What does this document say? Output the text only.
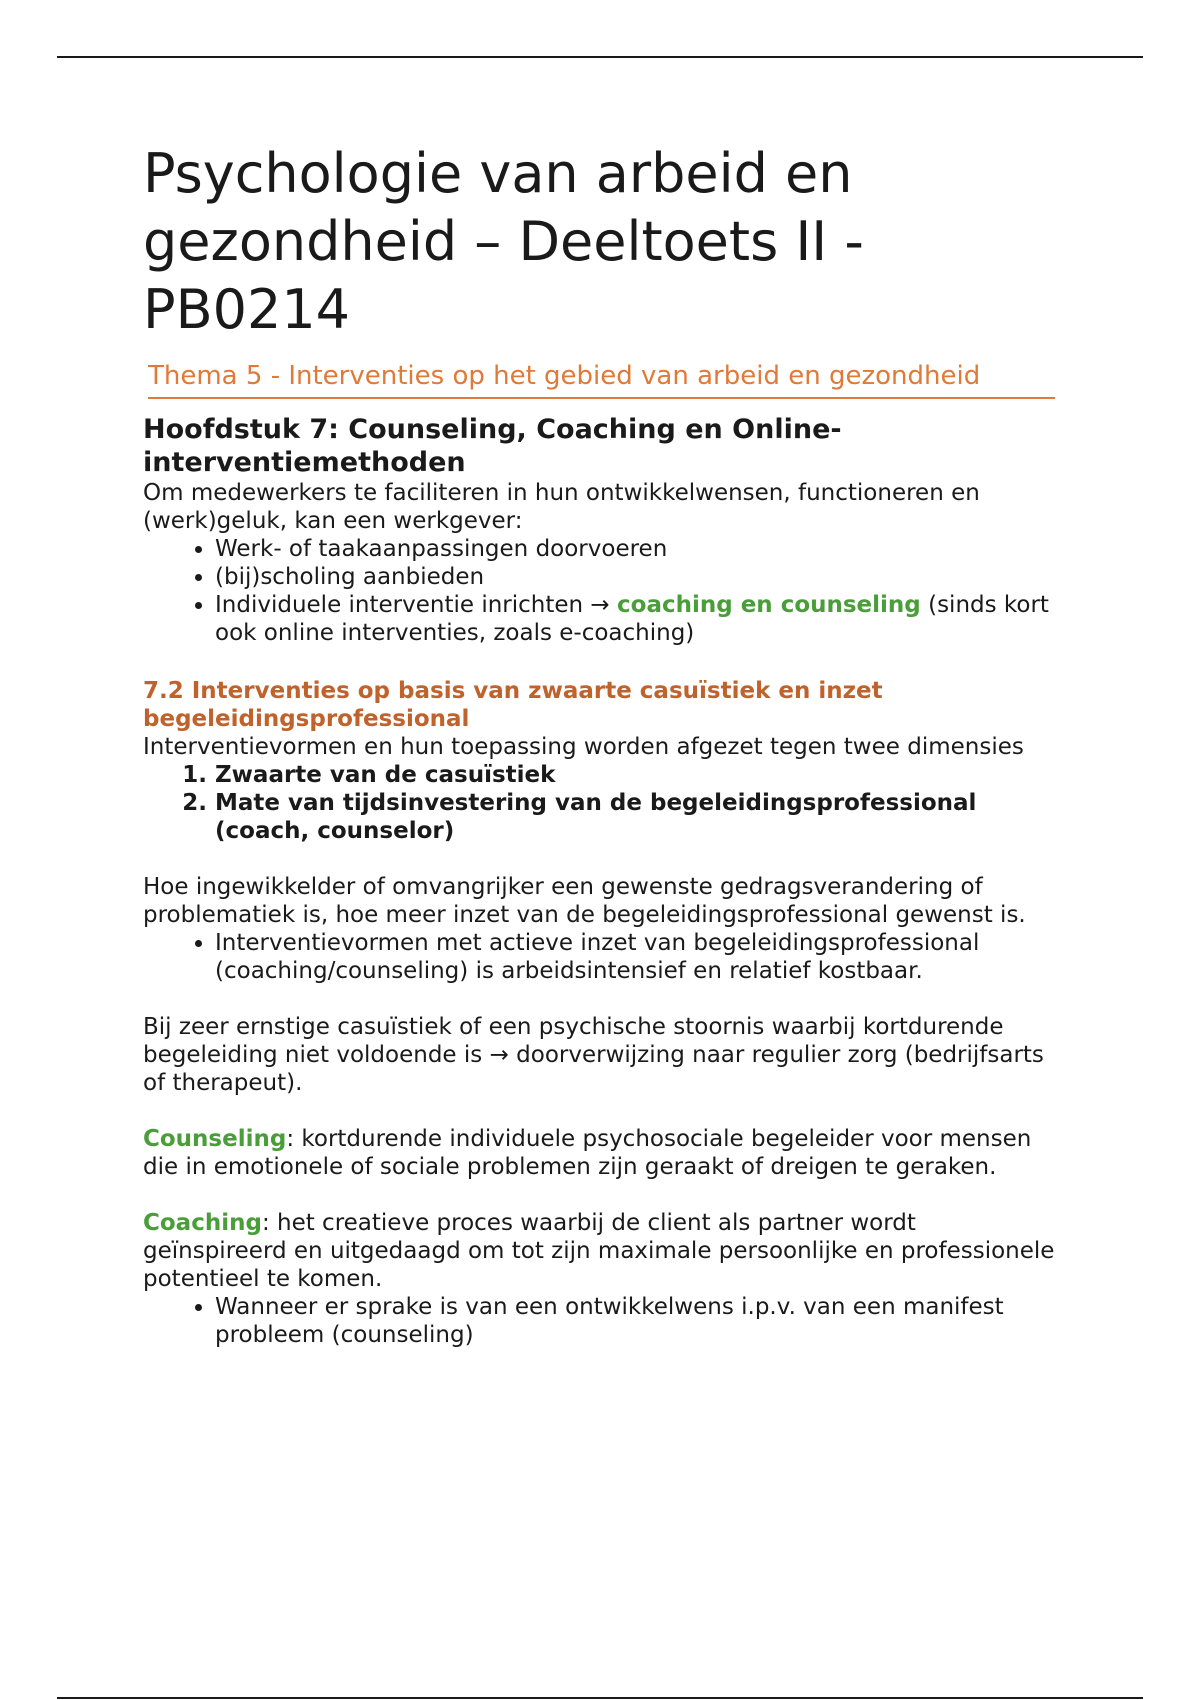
Psychologie van arbeid en gezondheid – Deeltoets II - PB0214
Thema 5 - Interventies op het gebied van arbeid en gezondheid
Hoofdstuk 7: Counseling, Coaching en Online-interventiemethoden

Om medewerkers te faciliteren in hun ontwikkelwensen, functioneren en (werk)geluk, kan een werkgever:

• Werk- of taakaanpassingen doorvoeren
• (bij)scholing aanbieden
• Individuele interventie inrichten → coaching en counseling (sinds kort ook online interventies, zoals e-coaching)
7.2 Interventies op basis van zwaarte casuïstiek en inzet begeleidingsprofessional

Interventievormen en hun toepassing worden afgezet tegen twee dimensies

1. Zwaarte van de casuïstiek
2. Mate van tijdsinvestering van de begeleidingsprofessional (coach, counselor)

Hoe ingewikkelder of omvangrijker een gewenste gedragsverandering of problematiek is, hoe meer inzet van de begeleidingsprofessional gewenst is.

• Interventievormen met actieve inzet van begeleidingsprofessional (coaching/counseling) is arbeidsintensief en relatief kostbaar.

Bij zeer ernstige casuïstiek of een psychische stoornis waarbij kortdurende begeleiding niet voldoende is → doorverwijzing naar regulier zorg (bedrijfsarts of therapeut).

Counseling: kortdurende individuele psychosociale begeleider voor mensen die in emotionele of sociale problemen zijn geraakt of dreigen te geraken.

Coaching: het creatieve proces waarbij de client als partner wordt geïnspireerd en uitgedaagd om tot zijn maximale persoonlijke en professionele potentieel te komen.

• Wanneer er sprake is van een ontwikkelwens i.p.v. van een manifest probleem (counseling)
